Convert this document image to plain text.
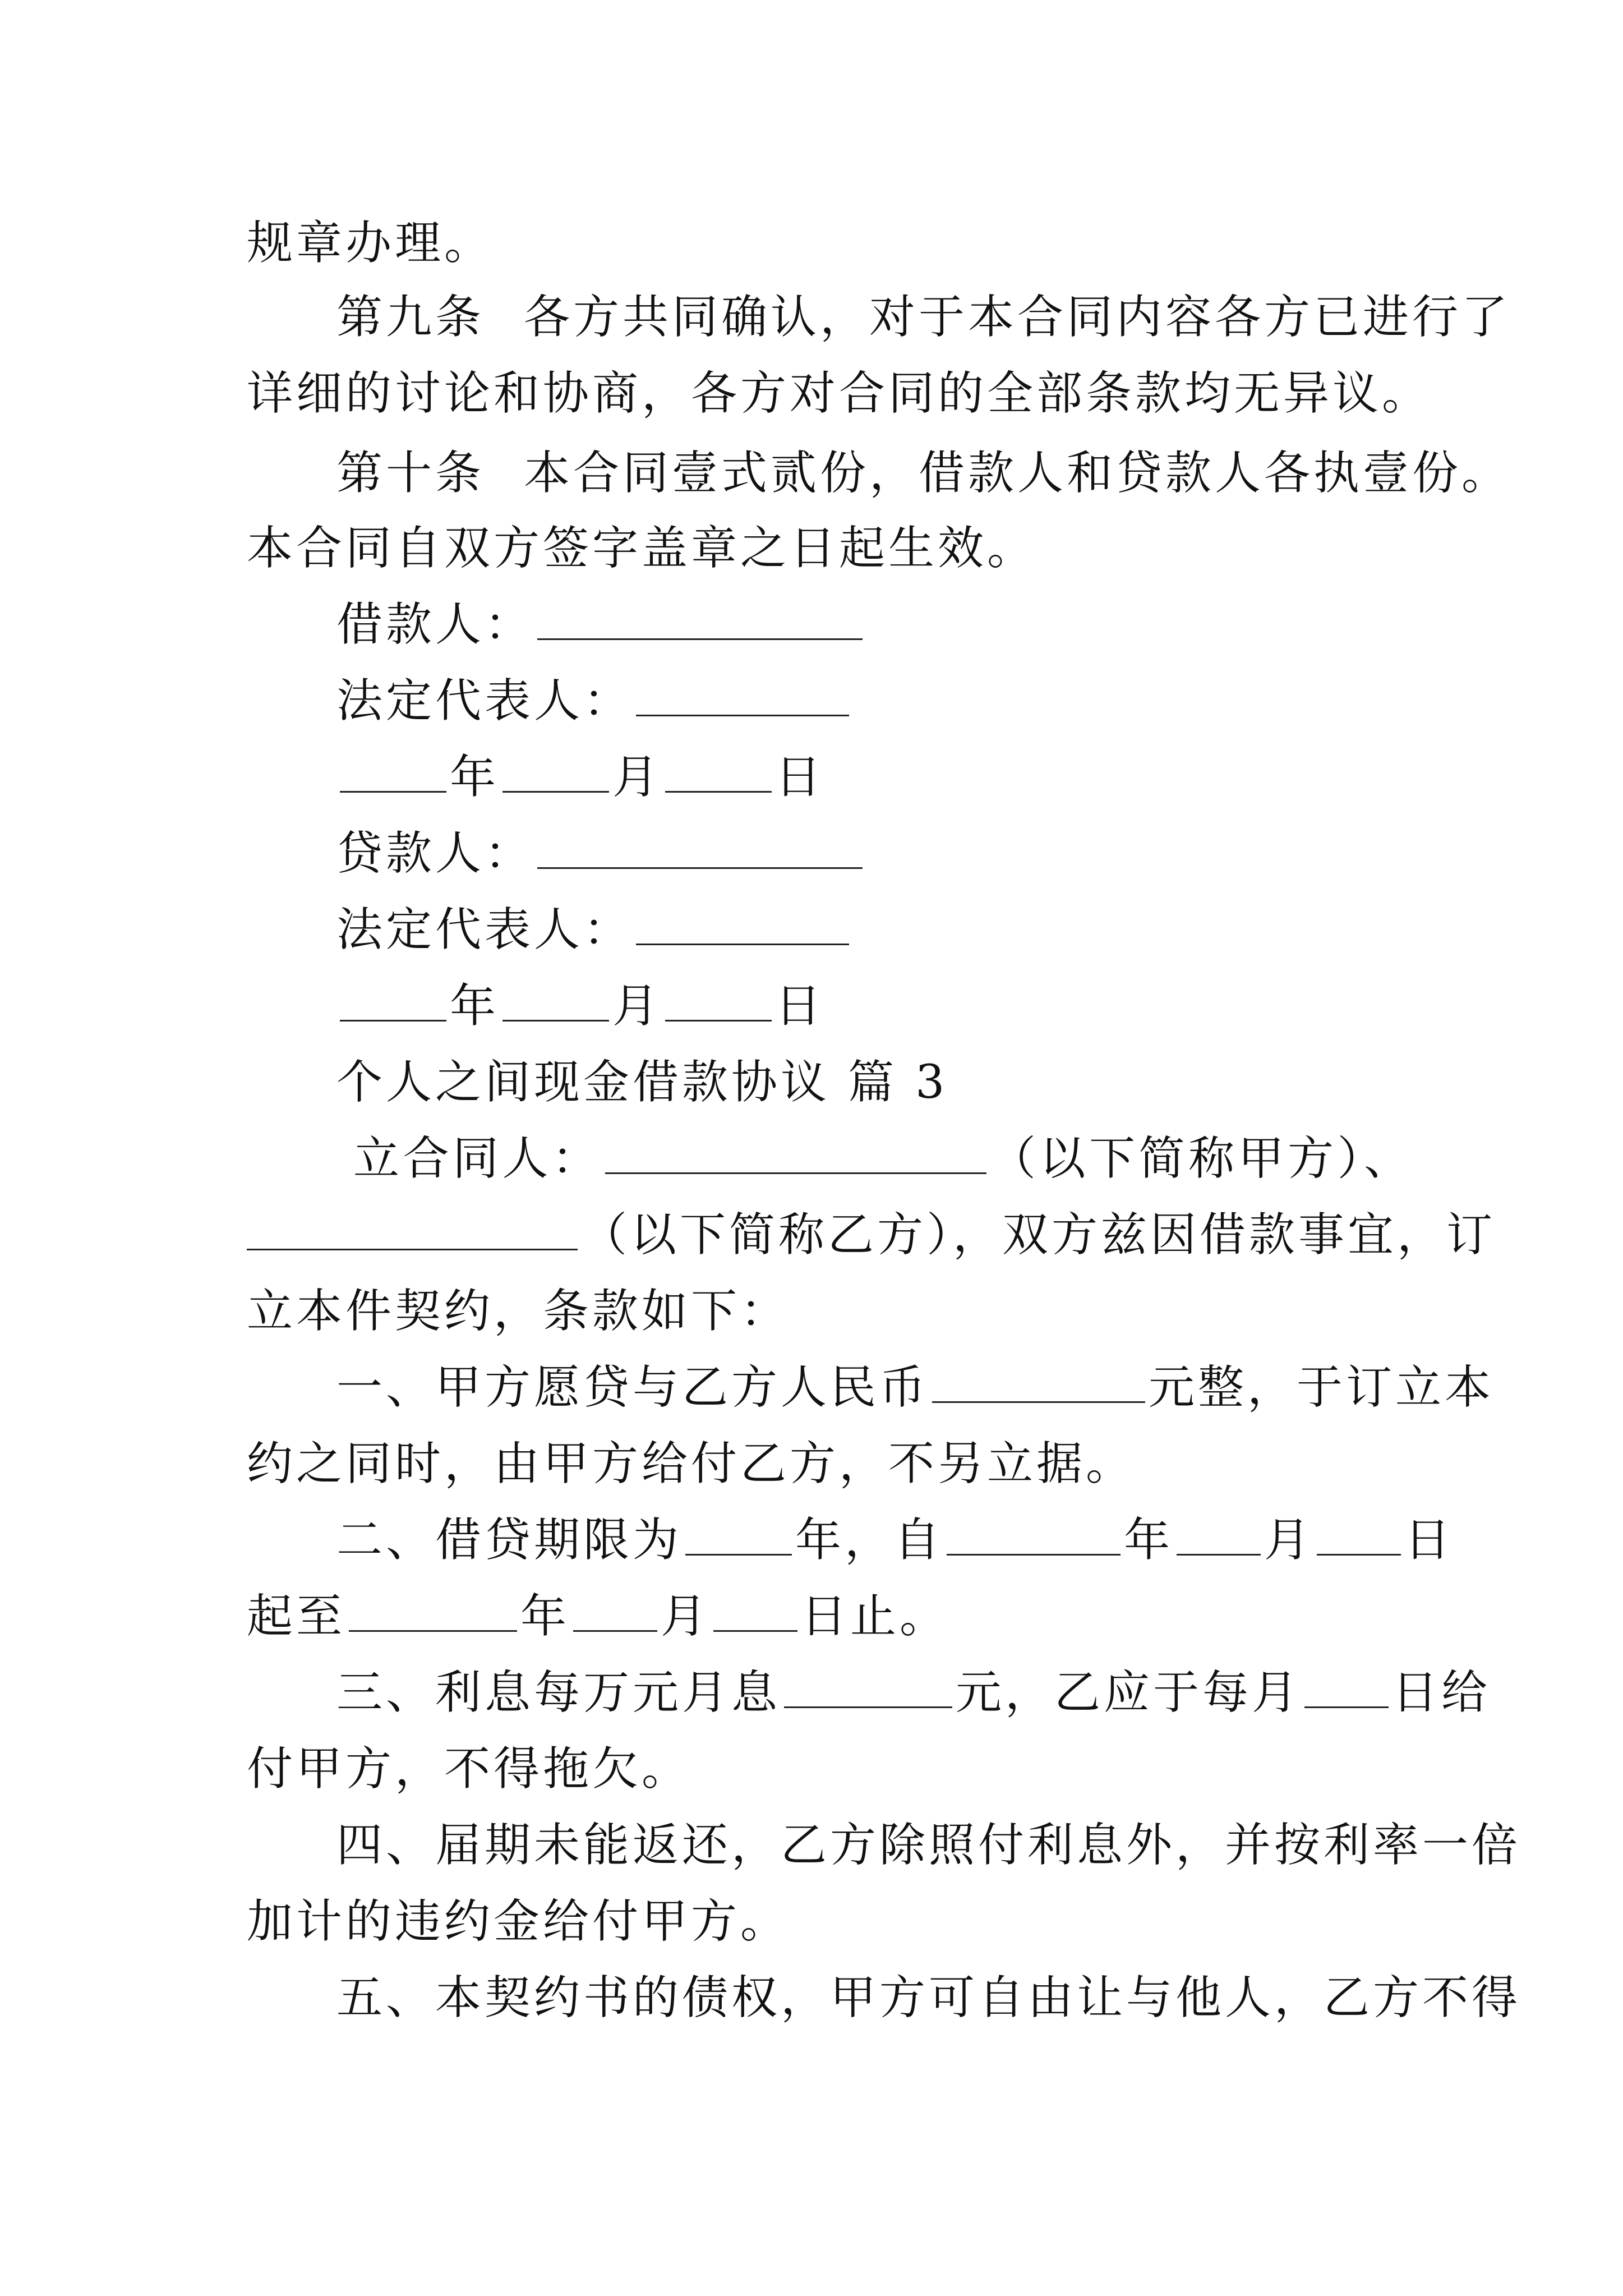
规章办理。
第九条 各方共同确认，对于本合同内容各方已进行了
详细的讨论和协商，各方对合同的全部条款均无异议。
第十条 本合同壹式贰份，借款人和贷款人各执壹份。
本合同自双方签字盖章之日起生效。
借款人：
法定代表人：
年 月 日
贷款人：
法定代表人：
年 月 日
个人之间现金借款协议 篇 3
立合同人：	（以下简称甲方）、
（以下简称乙方），双方兹因借款事宜，订
立本件契约，条款如下：
一、甲方愿贷与乙方人民币	元整，于订立本
约之同时，由甲方给付乙方，不另立据。
二、借贷期限为 年，自	年 月 日
起至	年 月 日止。
三、利息每万元月息	元，乙应于每月 日给
付甲方，不得拖欠。
四、届期未能返还，乙方除照付利息外，并按利率一倍
加计的违约金给付甲方。
五、本契约书的债权，甲方可自由让与他人，乙方不得
